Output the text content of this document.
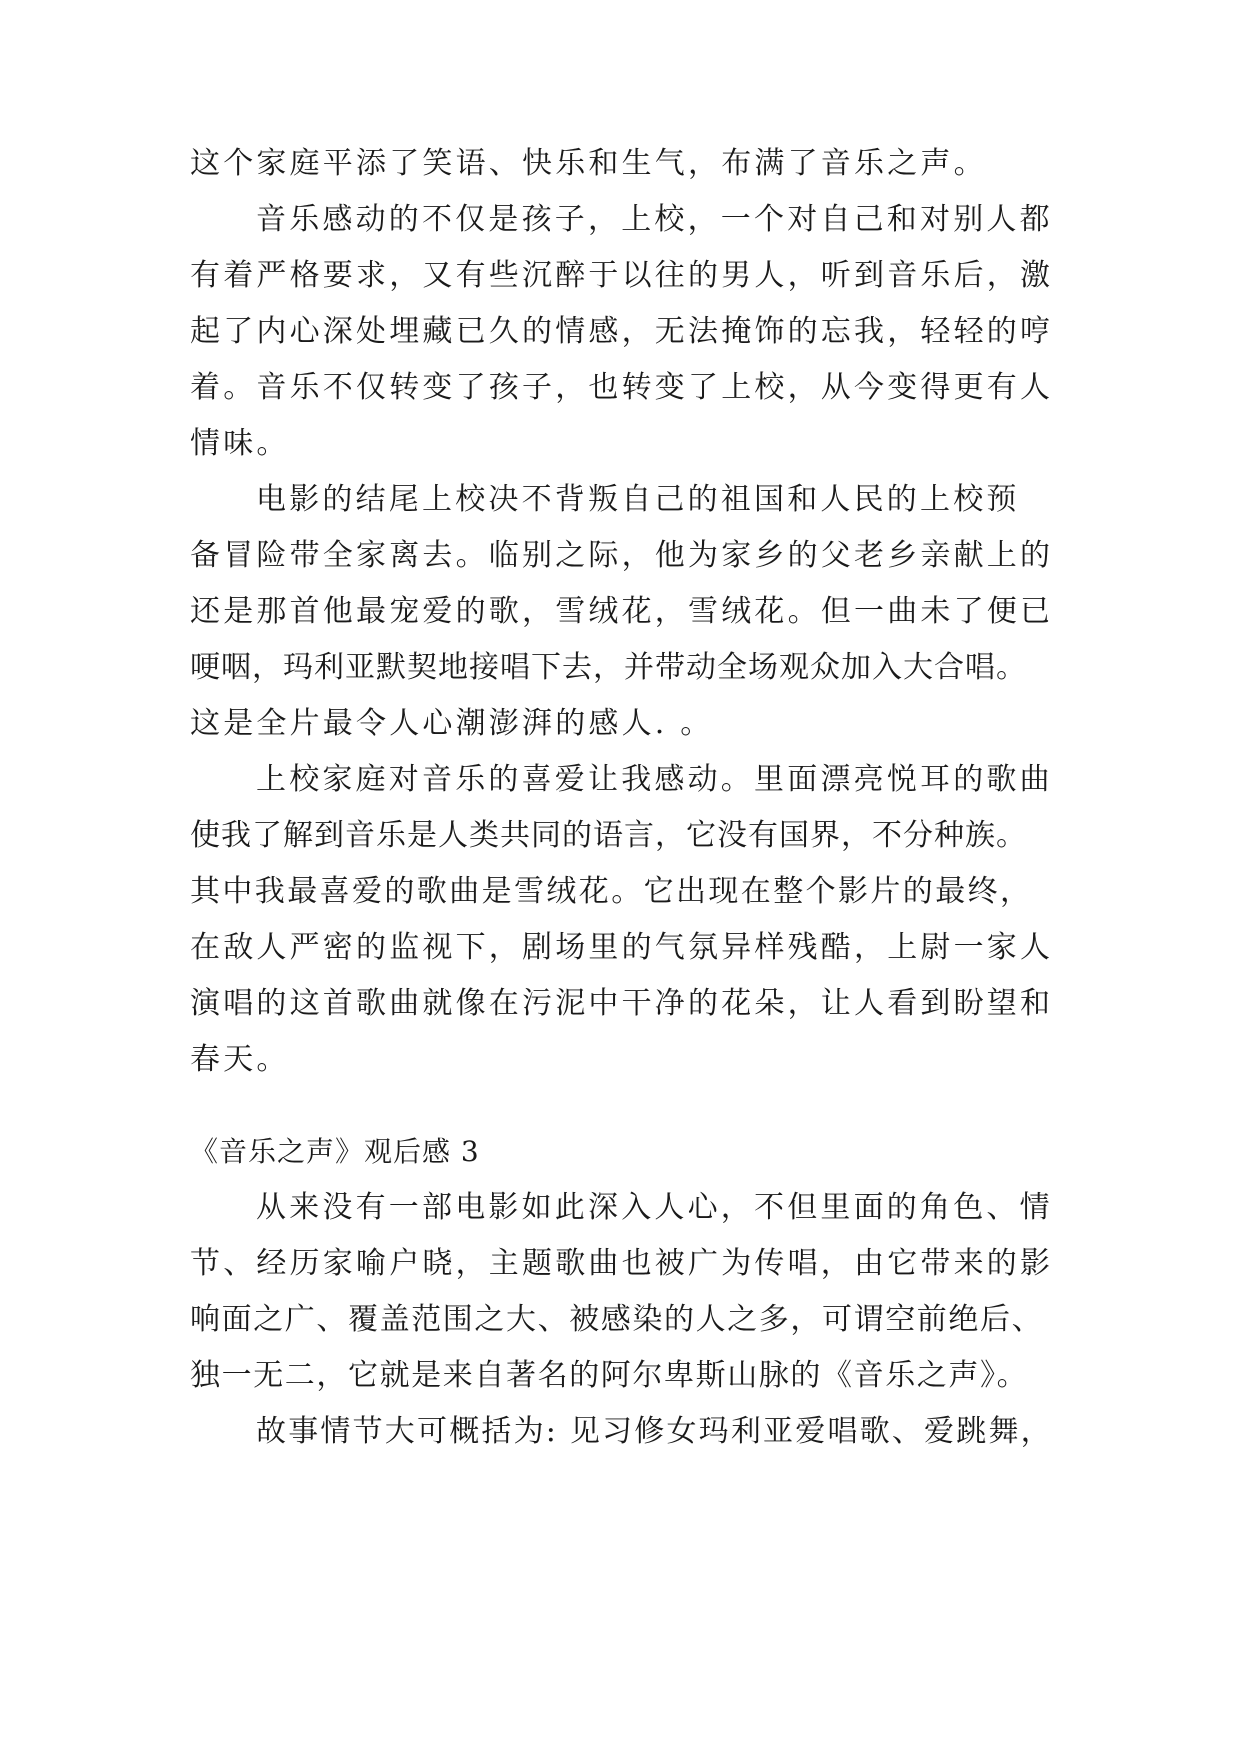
这个家庭平添了笑语、快乐和生气，布满了音乐之声。

音乐感动的不仅是孩子，上校，一个对自己和对别人都

有着严格要求，又有些沉醉于以往的男人，听到音乐后，激

起了内心深处埋藏已久的情感，无法掩饰的忘我，轻轻的哼

着。音乐不仅转变了孩子，也转变了上校，从今变得更有人

情味。

电影的结尾上校决不背叛自己的祖国和人民的上校预

备冒险带全家离去。临别之际，他为家乡的父老乡亲献上的

还是那首他最宠爱的歌，雪绒花，雪绒花。但一曲未了便已

哽咽，玛利亚默契地接唱下去，并带动全场观众加入大合唱。

这是全片最令人心潮澎湃的感人. 。

上校家庭对音乐的喜爱让我感动。里面漂亮悦耳的歌曲

使我了解到音乐是人类共同的语言，它没有国界，不分种族。

其中我最喜爱的歌曲是雪绒花。它出现在整个影片的最终，

在敌人严密的监视下，剧场里的气氛异样残酷，上尉一家人

演唱的这首歌曲就像在污泥中干净的花朵，让人看到盼望和

春天。

《音乐之声》观后感 3

从来没有一部电影如此深入人心，不但里面的角色、情

节、经历家喻户晓，主题歌曲也被广为传唱，由它带来的影

响面之广、覆盖范围之大、被感染的人之多，可谓空前绝后、

独一无二，它就是来自著名的阿尔卑斯山脉的《音乐之声》。

故事情节大可概括为: 见习修女玛利亚爱唱歌、爱跳舞，
